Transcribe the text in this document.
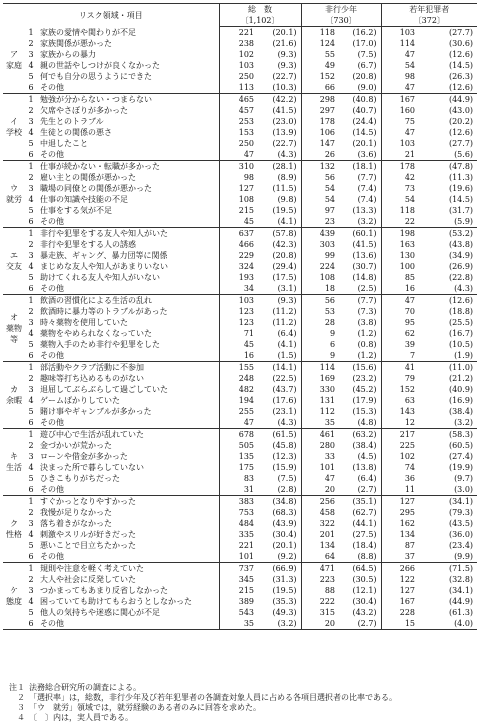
リスク領域・項目			総　数		非行少年		若年犯罪者	
			〔1,102〕		〔730〕		〔372〕	
ア
家庭	1	家族の愛情や関わりが不足	221	(20.1)	118	(16.2)	103	(27.7)
	2	家族関係が悪かった	238	(21.6)	124	(17.0)	114	(30.6)
	3	家族からの暴力	102	(9.3)	55	(7.5)	47	(12.6)
	4	親の世話やしつけが良くなかった	103	(9.3)	49	(6.7)	54	(14.5)
	5	何でも自分の思うようにできた	250	(22.7)	152	(20.8)	98	(26.3)
	6	その他	113	(10.3)	66	(9.0)	47	(12.6)
イ
学校	1	勉強が分からない・つまらない	465	(42.2)	298	(40.8)	167	(44.9)
	2	欠席やさぼりが多かった	457	(41.5)	297	(40.7)	160	(43.0)
	3	先生とのトラブル	253	(23.0)	178	(24.4)	75	(20.2)
	4	生徒との関係の悪さ	153	(13.9)	106	(14.5)	47	(12.6)
	5	中退したこと	250	(22.7)	147	(20.1)	103	(27.7)
	6	その他	47	(4.3)	26	(3.6)	21	(5.6)
ウ
就労	1	仕事が続かない・転職が多かった	310	(28.1)	132	(18.1)	178	(47.8)
	2	雇い主との関係が悪かった	98	(8.9)	56	(7.7)	42	(11.3)
	3	職場の同僚との関係が悪かった	127	(11.5)	54	(7.4)	73	(19.6)
	4	仕事の知識や技能の不足	108	(9.8)	54	(7.4)	54	(14.5)
	5	仕事をする気が不足	215	(19.5)	97	(13.3)	118	(31.7)
	6	その他	45	(4.1)	23	(3.2)	22	(5.9)
エ
交友	1	非行や犯罪をする友人や知人がいた	637	(57.8)	439	(60.1)	198	(53.2)
	2	非行や犯罪をする人の誘惑	466	(42.3)	303	(41.5)	163	(43.8)
	3	暴走族、ギャング、暴力団等に関係	229	(20.8)	99	(13.6)	130	(34.9)
	4	まじめな友人や知人があまりいない	324	(29.4)	224	(30.7)	100	(26.9)
	5	助けてくれる友人や知人がいない	193	(17.5)	108	(14.8)	85	(22.8)
	6	その他	34	(3.1)	18	(2.5)	16	(4.3)
オ
薬物等	1	飲酒の習慣化による生活の乱れ	103	(9.3)	56	(7.7)	47	(12.6)
	2	飲酒時に暴力等のトラブルがあった	123	(11.2)	53	(7.3)	70	(18.8)
	3	時々薬物を使用していた	123	(11.2)	28	(3.8)	95	(25.5)
	4	薬物をやめられなくなっていた	71	(6.4)	9	(1.2)	62	(16.7)
	5	薬物入手のため非行や犯罪をした	45	(4.1)	6	(0.8)	39	(10.5)
	6	その他	16	(1.5)	9	(1.2)	7	(1.9)
カ
余暇	1	部活動やクラブ活動に不参加	155	(14.1)	114	(15.6)	41	(11.0)
	2	趣味等打ち込めるものがない	248	(22.5)	169	(23.2)	79	(21.2)
	3	退屈してぶらぶらして過ごしていた	482	(43.7)	330	(45.2)	152	(40.9)
	4	ゲームばかりしていた	194	(17.6)	131	(17.9)	63	(16.9)
	5	賭け事やギャンブルが多かった	255	(23.1)	112	(15.3)	143	(38.4)
	6	その他	47	(4.3)	35	(4.8)	12	(3.2)
キ
生活	1	遊び中心で生活が乱れていた	678	(61.5)	461	(63.2)	217	(58.3)
	2	金づかいが荒かった	505	(45.8)	280	(38.4)	225	(60.5)
	3	ローンや借金が多かった	135	(12.3)	33	(4.5)	102	(27.4)
	4	決まった所で暮らしていない	175	(15.9)	101	(13.8)	74	(19.9)
	5	ひきこもりがちだった	83	(7.5)	47	(6.4)	36	(9.7)
	6	その他	31	(2.8)	20	(2.7)	11	(3.0)
ク
性格	1	すぐかっとなりやすかった	383	(34.8)	256	(35.1)	127	(34.1)
	2	我慢が足りなかった	753	(68.3)	458	(62.7)	295	(79.3)
	3	落ち着きがなかった	484	(43.9)	322	(44.1)	162	(43.5)
	4	刺激やスリルが好きだった	335	(30.4)	201	(27.5)	134	(36.0)
	5	悪いことで目立ちたかった	221	(20.1)	134	(18.4)	87	(23.4)
	6	その他	101	(9.2)	64	(8.8)	37	(9.9)
ケ
態度	1	規則や注意を軽く考えていた	737	(66.9)	471	(64.5)	266	(71.5)
	2	大人や社会に反発していた	345	(31.3)	223	(30.5)	122	(32.8)
	3	つかまってもあまり反省しなかった	215	(19.5)	88	(12.1)	127	(34.1)
	4	困っていても助けてもらおうとしなかった	389	(35.3)	222	(30.4)	167	(44.9)
	5	他人の気持ちや迷惑に関心が不足	543	(49.3)	315	(43.2)	228	(61.3)
	6	その他	35	(3.2)	20	(2.7)	15	(4.0)
注１ 法務総合研究所の調査による。
２ 「選択率」は，総数，非行少年及び若年犯罪者の各調査対象人員に占める各項目選択者の比率である。
３ 「ウ　就労」領域では，就労経験のある者のみに回答を求めた。
４ 〔　〕内は，実人員である。
